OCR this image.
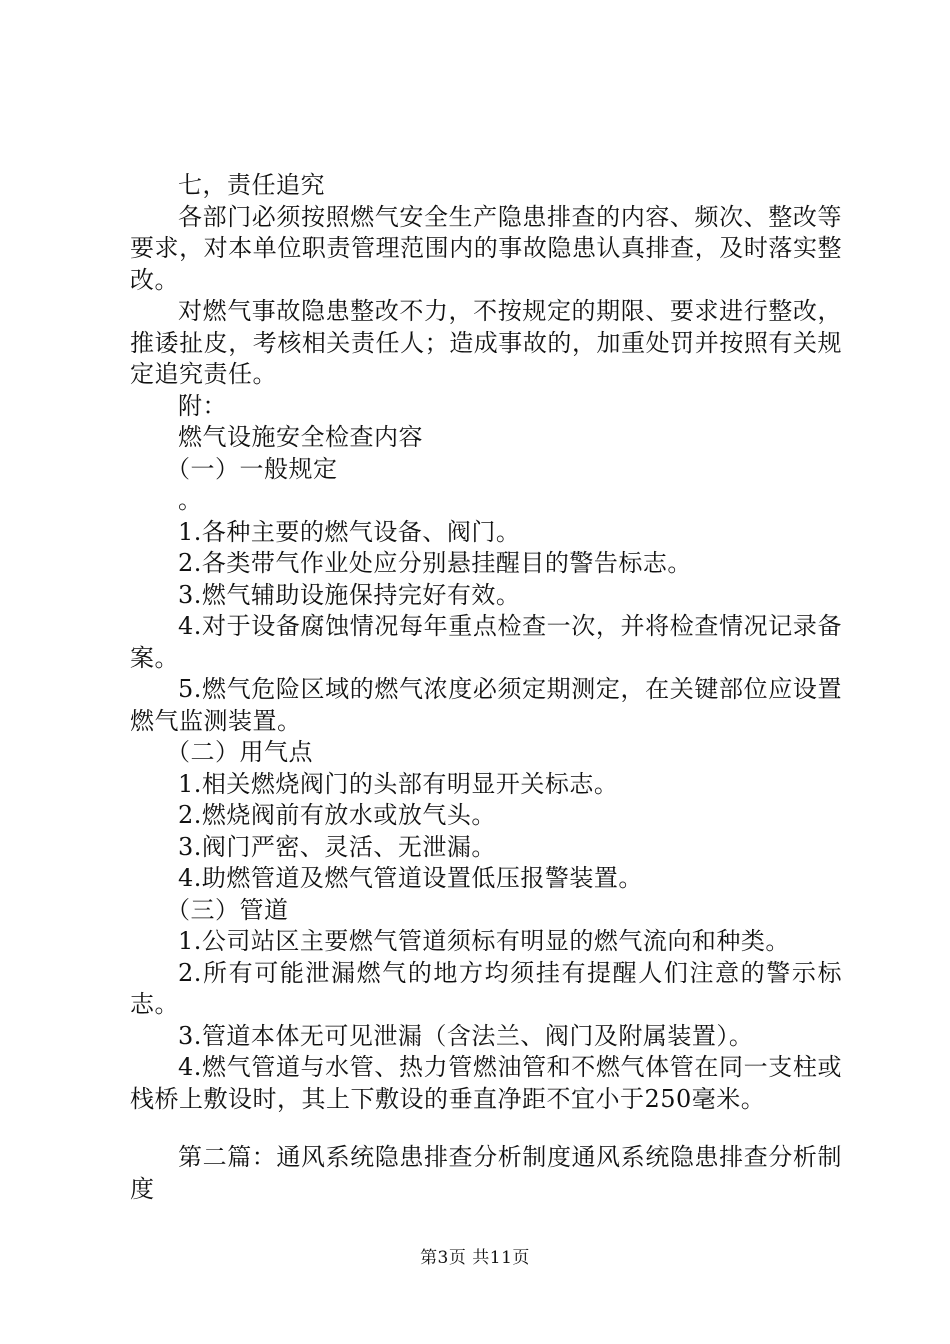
七，责任追究

各部门必须按照燃气安全生产隐患排查的内容、频次、整改等要求，对本单位职责管理范围内的事故隐患认真排查，及时落实整改。

对燃气事故隐患整改不力，不按规定的期限、要求进行整改，推诿扯皮，考核相关责任人；造成事故的，加重处罚并按照有关规定追究责任。

附：

燃气设施安全检查内容

（一）一般规定

。

1.各种主要的燃气设备、阀门。

2.各类带气作业处应分别悬挂醒目的警告标志。

3.燃气辅助设施保持完好有效。

4.对于设备腐蚀情况每年重点检查一次，并将检查情况记录备案。

5.燃气危险区域的燃气浓度必须定期测定，在关键部位应设置燃气监测装置。

（二）用气点

1.相关燃烧阀门的头部有明显开关标志。

2.燃烧阀前有放水或放气头。

3.阀门严密、灵活、无泄漏。

4.助燃管道及燃气管道设置低压报警装置。

（三）管道

1.公司站区主要燃气管道须标有明显的燃气流向和种类。

2.所有可能泄漏燃气的地方均须挂有提醒人们注意的警示标志。

3.管道本体无可见泄漏（含法兰、阀门及附属装置）。

4.燃气管道与水管、热力管燃油管和不燃气体管在同一支柱或栈桥上敷设时，其上下敷设的垂直净距不宜小于250毫米。

第二篇：通风系统隐患排查分析制度通风系统隐患排查分析制度

第3页 共11页
